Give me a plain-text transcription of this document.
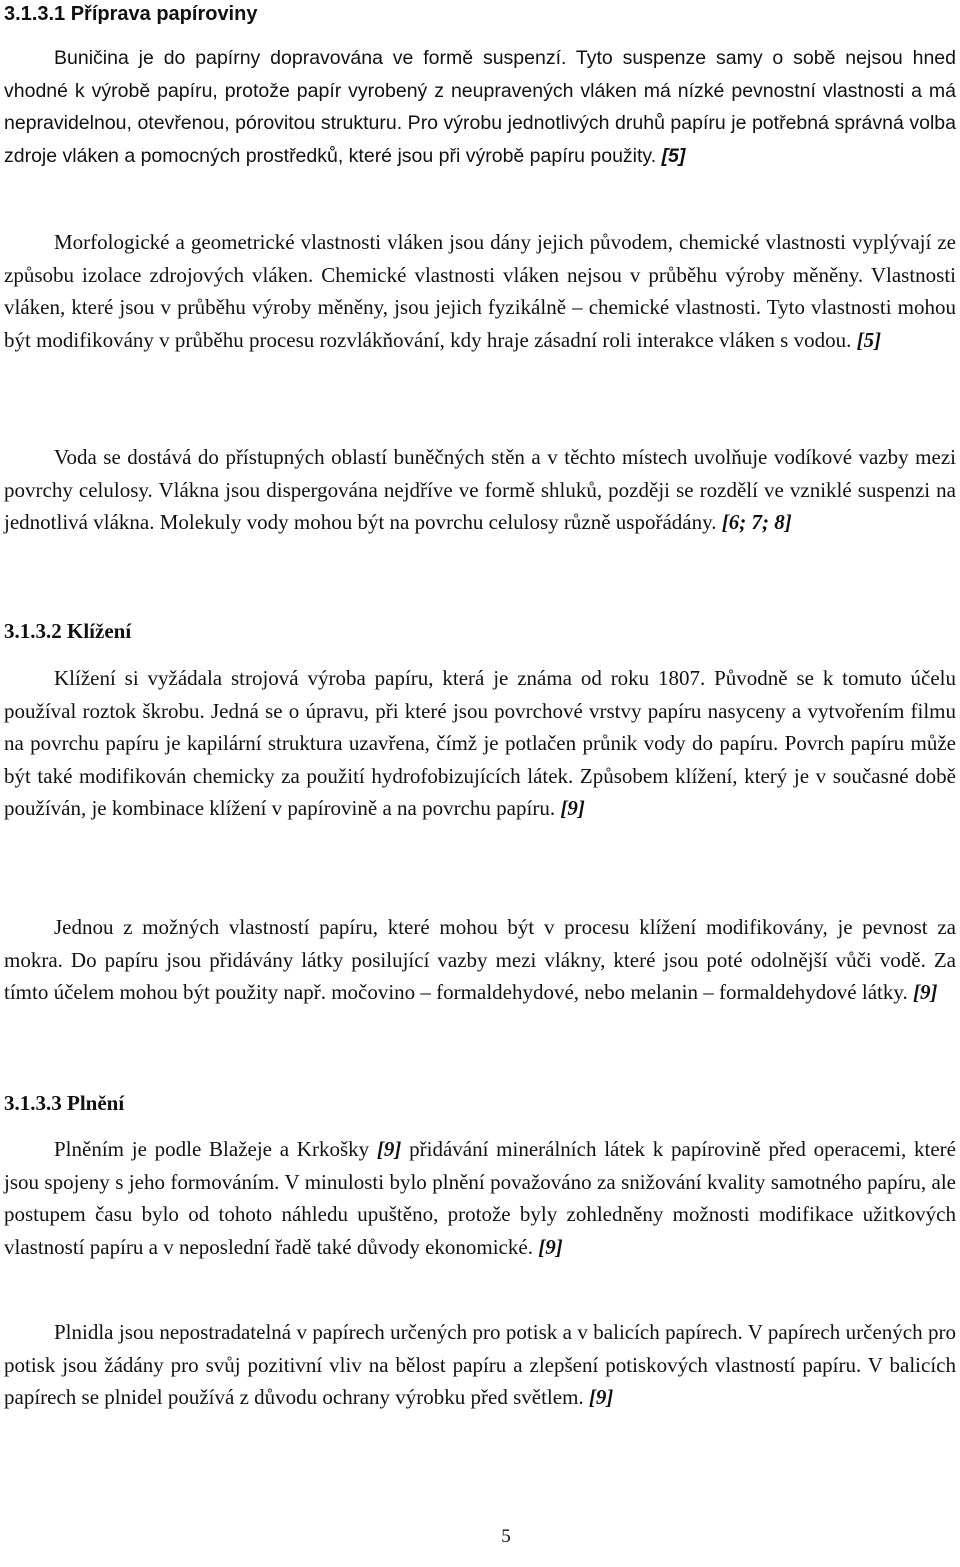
3.1.3.1 Příprava papíroviny

Buničina je do papírny dopravována ve formě suspenzí. Tyto suspenze samy o sobě nejsou hned vhodné k výrobě papíru, protože papír vyrobený z neupravených vláken má nízké pevnostní vlastnosti a má nepravidelnou, otevřenou, pórovitou strukturu. Pro výrobu jednotlivých druhů papíru je potřebná správná volba zdroje vláken a pomocných prostředků, které jsou při výrobě papíru použity. [5]

Morfologické a geometrické vlastnosti vláken jsou dány jejich původem, chemické vlastnosti vyplývají ze způsobu izolace zdrojových vláken. Chemické vlastnosti vláken nejsou v průběhu výroby měněny. Vlastnosti vláken, které jsou v průběhu výroby měněny, jsou jejich fyzikálně – chemické vlastnosti. Tyto vlastnosti mohou být modifikovány v průběhu procesu rozvlákňování, kdy hraje zásadní roli interakce vláken s vodou. [5]

Voda se dostává do přístupných oblastí buněčných stěn a v těchto místech uvolňuje vodíkové vazby mezi povrchy celulosy. Vlákna jsou dispergována nejdříve ve formě shluků, později se rozdělí ve vzniklé suspenzi na jednotlivá vlákna. Molekuly vody mohou být na povrchu celulosy různě uspořádány. [6; 7; 8]

3.1.3.2 Klížení

Klížení si vyžádala strojová výroba papíru, která je známa od roku 1807. Původně se k tomuto účelu používal roztok škrobu. Jedná se o úpravu, při které jsou povrchové vrstvy papíru nasyceny a vytvořením filmu na povrchu papíru je kapilární struktura uzavřena, čímž je potlačen průnik vody do papíru. Povrch papíru může být také modifikován chemicky za použití hydrofobizujících látek. Způsobem klížení, který je v současné době používán, je kombinace klížení v papírovině a na povrchu papíru. [9]

Jednou z možných vlastností papíru, které mohou být v procesu klížení modifikovány, je pevnost za mokra. Do papíru jsou přidávány látky posilující vazby mezi vlákny, které jsou poté odolnější vůči vodě. Za tímto účelem mohou být použity např. močovino – formaldehydové, nebo melanin – formaldehydové látky. [9]

3.1.3.3 Plnění

Plněním je podle Blažeje a Krkošky [9] přidávání minerálních látek k papírovině před operacemi, které jsou spojeny s jeho formováním. V minulosti bylo plnění považováno za snižování kvality samotného papíru, ale postupem času bylo od tohoto náhledu upuštěno, protože byly zohledněny možnosti modifikace užitkových vlastností papíru a v neposlední řadě také důvody ekonomické. [9]

Plnidla jsou nepostradatelná v papírech určených pro potisk a v balicích papírech. V papírech určených pro potisk jsou žádány pro svůj pozitivní vliv na bělost papíru a zlepšení potiskových vlastností papíru. V balicích papírech se plnidel používá z důvodu ochrany výrobku před světlem. [9]

5
